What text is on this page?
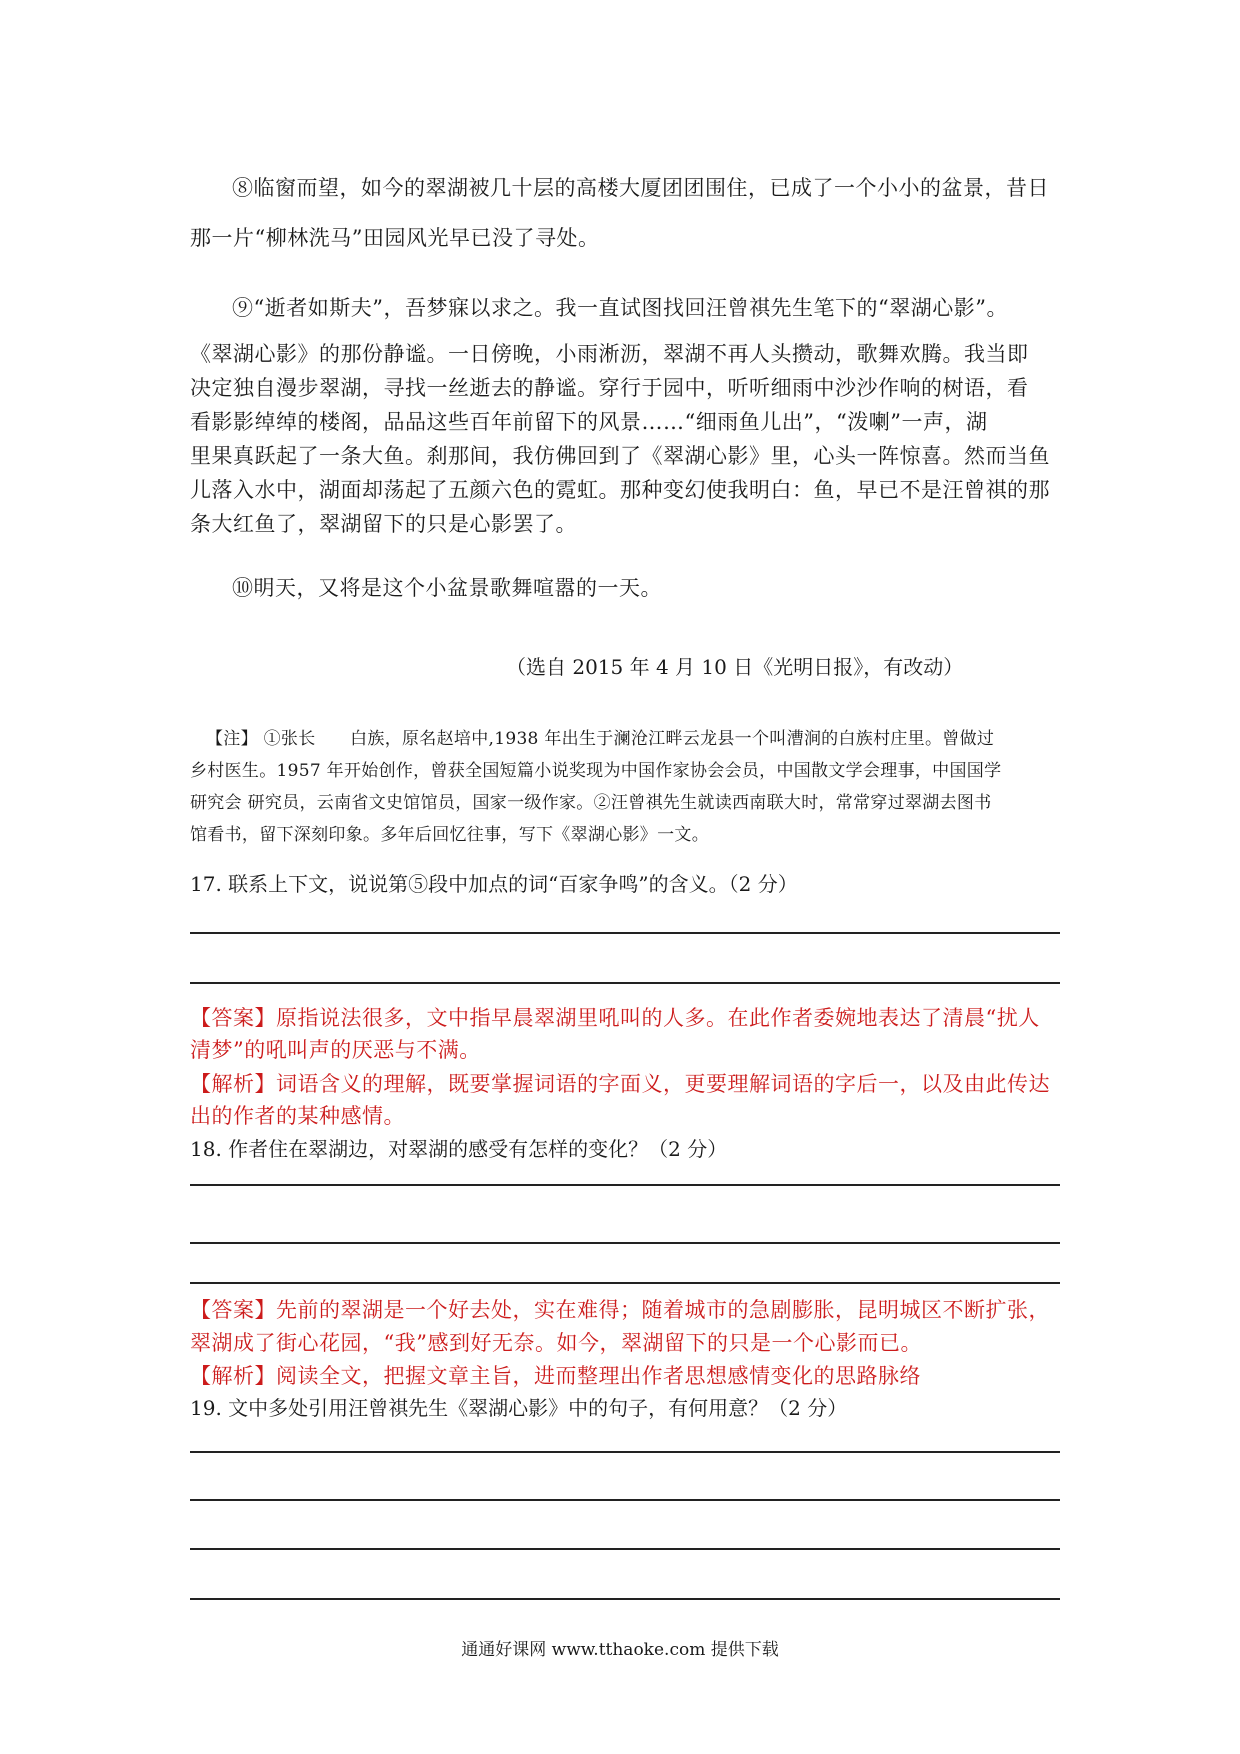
⑧临窗而望，如今的翠湖被几十层的高楼大厦团团围住，已成了一个小小的盆景，昔日
那一片“柳林洗马”田园风光早已没了寻处。
⑨“逝者如斯夫”，吾梦寐以求之。我一直试图找回汪曾祺先生笔下的“翠湖心影”。
《翠湖心影》的那份静谧。一日傍晚，小雨淅沥，翠湖不再人头攒动，歌舞欢腾。我当即
决定独自漫步翠湖，寻找一丝逝去的静谧。穿行于园中，听听细雨中沙沙作响的树语，看
看影影绰绰的楼阁，品品这些百年前留下的风景……“细雨鱼儿出”，“泼喇”一声，湖
里果真跃起了一条大鱼。刹那间，我仿佛回到了《翠湖心影》里，心头一阵惊喜。然而当鱼
儿落入水中，湖面却荡起了五颜六色的霓虹。那种变幻使我明白：鱼，早已不是汪曾祺的那
条大红鱼了，翠湖留下的只是心影罢了。
⑩明天，又将是这个小盆景歌舞喧嚣的一天。
（选自 2015 年 4 月 10 日《光明日报》，有改动）
【注】 ①张长　　白族，原名赵培中,1938 年出生于澜沧江畔云龙县一个叫漕涧的白族村庄里。曾做过
乡村医生。1957 年开始创作，曾获全国短篇小说奖现为中国作家协会会员，中国散文学会理事，中国国学
研究会 研究员，云南省文史馆馆员，国家一级作家。②汪曾祺先生就读西南联大时，常常穿过翠湖去图书
馆看书，留下深刻印象。多年后回忆往事，写下《翠湖心影》一文。
17. 联系上下文，说说第⑤段中加点的词“百家争鸣”的含义。（2 分）
【答案】原指说法很多，文中指早晨翠湖里吼叫的人多。在此作者委婉地表达了清晨“扰人
清梦”的吼叫声的厌恶与不满。
【解析】词语含义的理解，既要掌握词语的字面义，更要理解词语的字后一，以及由此传达
出的作者的某种感情。
18. 作者住在翠湖边，对翠湖的感受有怎样的变化？（2 分）
【答案】先前的翠湖是一个好去处，实在难得；随着城市的急剧膨胀，昆明城区不断扩张，
翠湖成了街心花园，“我”感到好无奈。如今，翠湖留下的只是一个心影而已。
【解析】阅读全文，把握文章主旨，进而整理出作者思想感情变化的思路脉络
19. 文中多处引用汪曾祺先生《翠湖心影》中的句子，有何用意？（2 分）
通通好课网 www.tthaoke.com 提供下载
